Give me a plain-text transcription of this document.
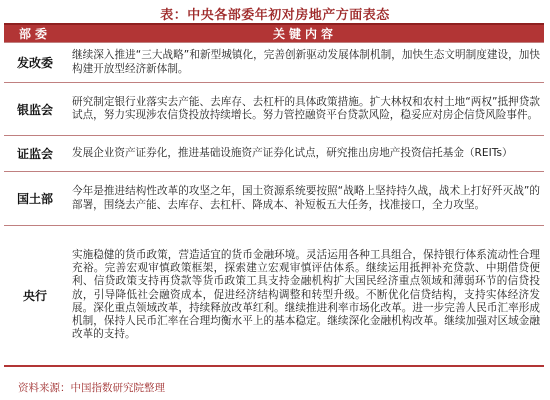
表：中央各部委年初对房地产方面表态
部委	关键内容
发改委	继续深入推进“三大战略”和新型城镇化，完善创新驱动发展体制机制，加快生态文明制度建设，加快构建开放型经济新体制。
银监会	研究制定银行业落实去产能、去库存、去杠杆的具体政策措施。扩大林权和农村土地“两权”抵押贷款试点，努力实现涉农信贷投放持续增长。努力管控融资平台贷款风险，稳妥应对房企信贷风险事件。
证监会	发展企业资产证券化，推进基础设施资产证券化试点，研究推出房地产投资信托基金（REITs）
国土部	今年是推进结构性改革的攻坚之年，国土资源系统要按照“战略上坚持持久战，战术上打好歼灭战”的部署，围绕去产能、去库存、去杠杆、降成本、补短板五大任务，找准接口，全力攻坚。
央行	实施稳健的货币政策，营造适宜的货币金融环境。灵活运用各种工具组合，保持银行体系流动性合理充裕。完善宏观审慎政策框架，探索建立宏观审慎评估体系。继续运用抵押补充贷款、中期借贷便利、信贷政策支持再贷款等货币政策工具支持金融机构扩大国民经济重点领域和薄弱环节的信贷投放，引导降低社会融资成本，促进经济结构调整和转型升级。不断优化信贷结构，支持实体经济发展。深化重点领域改革，持续释放改革红利。继续推进利率市场化改革。进一步完善人民币汇率形成机制，保持人民币汇率在合理均衡水平上的基本稳定。继续深化金融机构改革。继续加强对区域金融改革的支持。
资料来源：中国指数研究院整理
